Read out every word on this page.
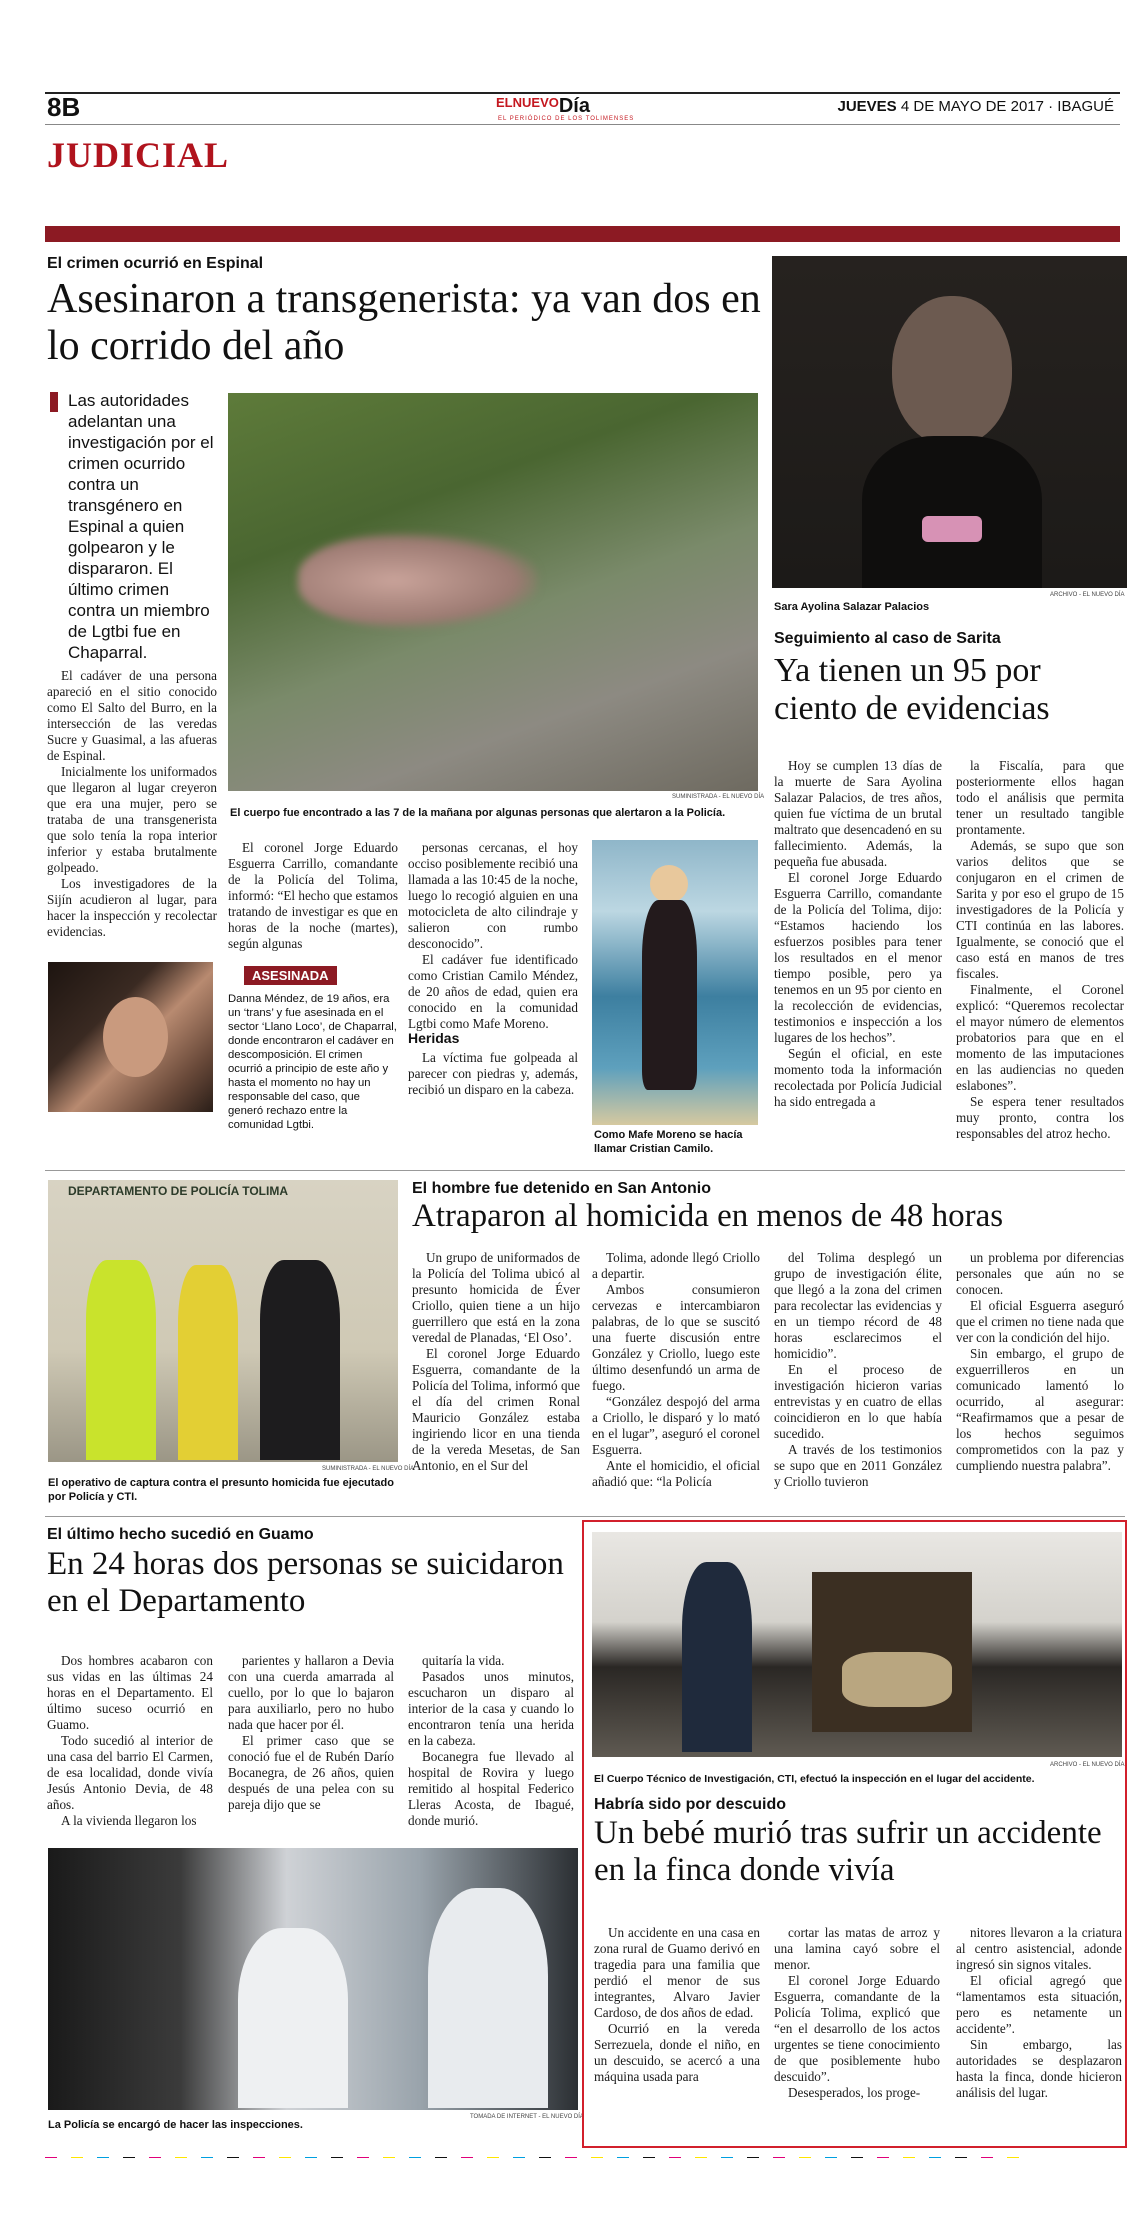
8B	$^{ELNUEVO}$Día
EL PERIÓDICO DE LOS TOLIMENSES
JUEVES 4 DE MAYO DE 2017 · IBAGUÉ
JUDICIAL
El crimen ocurrió en Espinal
Asesinaron a transgenerista: ya van dos en lo corrido del año
Las autoridades adelantan una investigación por el crimen ocurrido contra un transgénero en Espinal a quien golpearon y le dispararon. El último crimen contra un miembro de Lgtbi fue en Chaparral.
SUMINISTRADA - EL NUEVO DÍA
El cuerpo fue encontrado a las 7 de la mañana por algunas personas que alertaron a la Policía.

El cadáver de una persona apareció en el sitio conocido como El Salto del Burro, en la intersección de las veredas Sucre y Guasimal, a las afueras de Espinal.

Inicialmente los uniformados que llegaron al lugar creyeron que era una mujer, pero se trataba de una transgenerista que solo tenía la ropa interior inferior y estaba brutalmente golpeado.

Los investigadores de la Sijín acudieron al lugar, para hacer la inspección y recolectar evidencias.

El coronel Jorge Eduardo Esguerra Carrillo, comandante de la Policía del Tolima, informó: “El hecho que estamos tratando de investigar es que en horas de la noche (martes), según algunas

ASESINADA
Danna Méndez, de 19 años, era un ‘trans’ y fue asesinada en el sector ‘Llano Loco’, de Chaparral, donde encontraron el cadáver en descomposición. El crimen ocurrió a principio de este año y hasta el momento no hay un responsable del caso, que generó rechazo entre la comunidad Lgtbi.

personas cercanas, el hoy occiso posiblemente recibió una llamada a las 10:45 de la noche, luego lo recogió alguien en una motocicleta de alto cilindraje y salieron con rumbo desconocido”.

El cadáver fue identificado como Cristian Camilo Méndez, de 20 años de edad, quien era conocido en la comunidad Lgtbi como Mafe Moreno.

Heridas

La víctima fue golpeada al parecer con piedras y, además, recibió un disparo en la cabeza.

Como Mafe Moreno se hacía llamar Cristian Camilo.
ARCHIVO - EL NUEVO DÍA
Sara Ayolina Salazar Palacios
Seguimiento al caso de Sarita
Ya tienen un 95 por ciento de evidencias

Hoy se cumplen 13 días de la muerte de Sara Ayolina Salazar Palacios, de tres años, quien fue víctima de un brutal maltrato que desencadenó en su fallecimiento. Además, la pequeña fue abusada.

El coronel Jorge Eduardo Esguerra Carrillo, comandante de la Policía del Tolima, dijo: “Estamos haciendo los esfuerzos posibles para tener los resultados en el menor tiempo posible, pero ya tenemos en un 95 por ciento en la recolección de evidencias, testimonios e inspección a los lugares de los hechos”.

Según el oficial, en este momento toda la información recolectada por Policía Judicial ha sido entregada a

la Fiscalía, para que posteriormente ellos hagan todo el análisis que permita tener un resultado tangible prontamente.

Además, se supo que son varios delitos que se conjugaron en el crimen de Sarita y por eso el grupo de 15 investigadores de la Policía y CTI continúa en las labores. Igualmente, se conoció que el caso está en manos de tres fiscales.

Finalmente, el Coronel explicó: “Queremos recolectar el mayor número de elementos probatorios para que en el momento de las imputaciones en las audiencias no queden eslabones”.

Se espera tener resultados muy pronto, contra los responsables del atroz hecho.

DEPARTAMENTO DE POLICÍA TOLIMA
SUMINISTRADA - EL NUEVO DÍA
El operativo de captura contra el presunto homicida fue ejecutado por Policía y CTI.
El hombre fue detenido en San Antonio
Atraparon al homicida en menos de 48 horas

Un grupo de uniformados de la Policía del Tolima ubicó al presunto homicida de Éver Criollo, quien tiene a un hijo guerrillero que está en la zona veredal de Planadas, ‘El Oso’.

El coronel Jorge Eduardo Esguerra, comandante de la Policía del Tolima, informó que el día del crimen Ronal Mauricio González estaba ingiriendo licor en una tienda de la vereda Mesetas, de San Antonio, en el Sur del

Tolima, adonde llegó Criollo a departir.

Ambos consumieron cervezas e intercambiaron palabras, de lo que se suscitó una fuerte discusión entre González y Criollo, luego este último desenfundó un arma de fuego.

“González despojó del arma a Criollo, le disparó y lo mató en el lugar”, aseguró el coronel Esguerra.

Ante el homicidio, el oficial añadió que: “la Policía

del Tolima desplegó un grupo de investigación élite, que llegó a la zona del crimen para recolectar las evidencias y en un tiempo récord de 48 horas esclarecimos el homicidio”.

En el proceso de investigación hicieron varias entrevistas y en cuatro de ellas coincidieron en lo que había sucedido.

A través de los testimonios se supo que en 2011 González y Criollo tuvieron

un problema por diferencias personales que aún no se conocen.

El oficial Esguerra aseguró que el crimen no tiene nada que ver con la condición del hijo.

Sin embargo, el grupo de exguerrilleros en un comunicado lamentó lo ocurrido, al asegurar: “Reafirmamos que a pesar de los hechos seguimos comprometidos con la paz y cumpliendo nuestra palabra”.

El último hecho sucedió en Guamo
En 24 horas dos personas se suicidaron en el Departamento

Dos hombres acabaron con sus vidas en las últimas 24 horas en el Departamento. El último suceso ocurrió en Guamo.

Todo sucedió al interior de una casa del barrio El Carmen, de esa localidad, donde vivía Jesús Antonio Devia, de 48 años.

A la vivienda llegaron los

parientes y hallaron a Devia con una cuerda amarrada al cuello, por lo que lo bajaron para auxiliarlo, pero no hubo nada que hacer por él.

El primer caso que se conoció fue el de Rubén Darío Bocanegra, de 26 años, quien después de una pelea con su pareja dijo que se

quitaría la vida.

Pasados unos minutos, escucharon un disparo al interior de la casa y cuando lo encontraron tenía una herida en la cabeza.

Bocanegra fue llevado al hospital de Rovira y luego remitido al hospital Federico Lleras Acosta, de Ibagué, donde murió.

TOMADA DE INTERNET - EL NUEVO DÍA
La Policía se encargó de hacer las inspecciones.
ARCHIVO - EL NUEVO DÍA
El Cuerpo Técnico de Investigación, CTI, efectuó la inspección en el lugar del accidente.
Habría sido por descuido
Un bebé murió tras sufrir un accidente en la finca donde vivía

Un accidente en una casa en zona rural de Guamo derivó en tragedia para una familia que perdió el menor de sus integrantes, Alvaro Javier Cardoso, de dos años de edad.

Ocurrió en la vereda Serrezuela, donde el niño, en un descuido, se acercó a una máquina usada para

cortar las matas de arroz y una lamina cayó sobre el menor.

El coronel Jorge Eduardo Esguerra, comandante de la Policía Tolima, explicó que “en el desarrollo de los actos urgentes se tiene conocimiento de que posiblemente hubo descuido”.

Desesperados, los proge-

nitores llevaron a la criatura al centro asistencial, adonde ingresó sin signos vitales.

El oficial agregó que “lamentamos esta situación, pero es netamente un accidente”.

Sin embargo, las autoridades se desplazaron hasta la finca, donde hicieron análisis del lugar.
